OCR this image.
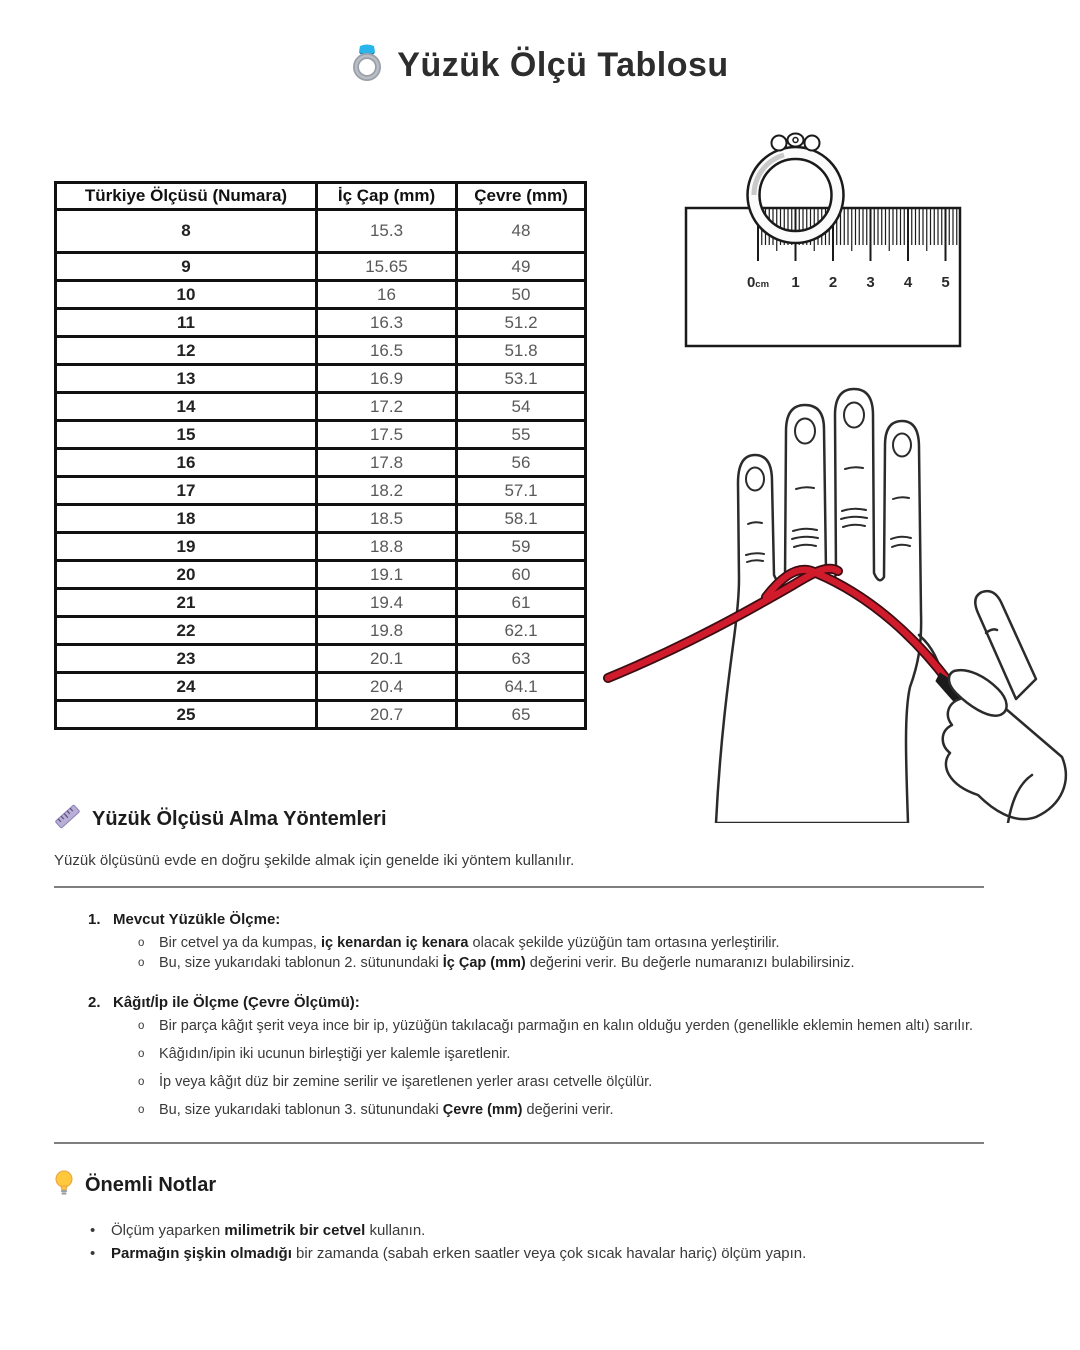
Yüzük Ölçü Tablosu
Türkiye Ölçüsü (Numara)	İç Çap (mm)	Çevre (mm)
8	15.3	48
9	15.65	49
10	16	50
11	16.3	51.2
12	16.5	51.8
13	16.9	53.1
14	17.2	54
15	17.5	55
16	17.8	56
17	18.2	57.1
18	18.5	58.1
19	18.8	59
20	19.1	60
21	19.4	61
22	19.8	62.1
23	20.1	63
24	20.4	64.1
25	20.7	65
0cm 1 2 3 4 5
Yüzük Ölçüsü Alma Yöntemleri
Yüzük ölçüsünü evde en doğru şekilde almak için genelde iki yöntem kullanılır.
1. Mevcut Yüzükle Ölçme:
o Bir cetvel ya da kumpas, iç kenardan iç kenara olacak şekilde yüzüğün tam ortasına yerleştirilir.
o Bu, size yukarıdaki tablonun 2. sütunundaki İç Çap (mm) değerini verir. Bu değerle numaranızı bulabilirsiniz.
2. Kâğıt/İp ile Ölçme (Çevre Ölçümü):
o Bir parça kâğıt şerit veya ince bir ip, yüzüğün takılacağı parmağın en kalın olduğu yerden (genellikle eklemin hemen altı) sarılır.
o Kâğıdın/ipin iki ucunun birleştiği yer kalemle işaretlenir.
o İp veya kâğıt düz bir zemine serilir ve işaretlenen yerler arası cetvelle ölçülür.
o Bu, size yukarıdaki tablonun 3. sütunundaki Çevre (mm) değerini verir.
Önemli Notlar
• Ölçüm yaparken milimetrik bir cetvel kullanın.
• Parmağın şişkin olmadığı bir zamanda (sabah erken saatler veya çok sıcak havalar hariç) ölçüm yapın.
